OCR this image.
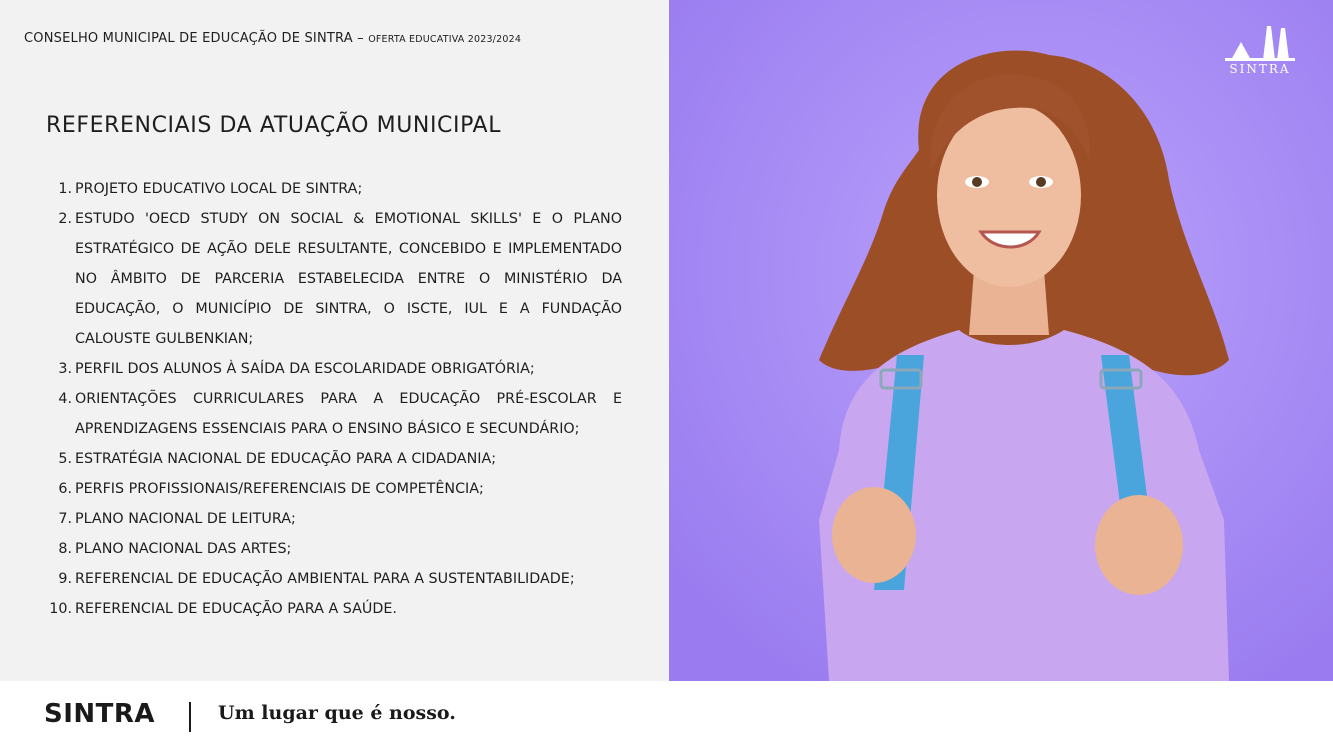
CONSELHO MUNICIPAL DE EDUCAÇÃO DE SINTRA – OFERTA EDUCATIVA 2023/2024
REFERENCIAIS DA ATUAÇÃO MUNICIPAL
1. PROJETO EDUCATIVO LOCAL DE SINTRA;
2. ESTUDO 'OECD STUDY ON SOCIAL & EMOTIONAL SKILLS' E O PLANO ESTRATÉGICO DE AÇÃO DELE RESULTANTE, CONCEBIDO E IMPLEMENTADO NO ÂMBITO DE PARCERIA ESTABELECIDA ENTRE O MINISTÉRIO DA EDUCAÇÃO, O MUNICÍPIO DE SINTRA, O ISCTE, IUL E A FUNDAÇÃO CALOUSTE GULBENKIAN;
3. PERFIL DOS ALUNOS À SAÍDA DA ESCOLARIDADE OBRIGATÓRIA;
4. ORIENTAÇÕES CURRICULARES PARA A EDUCAÇÃO PRÉ-ESCOLAR E APRENDIZAGENS ESSENCIAIS PARA O ENSINO BÁSICO E SECUNDÁRIO;
5. ESTRATÉGIA NACIONAL DE EDUCAÇÃO PARA A CIDADANIA;
6. PERFIS PROFISSIONAIS/REFERENCIAIS DE COMPETÊNCIA;
7. PLANO NACIONAL DE LEITURA;
8. PLANO NACIONAL DAS ARTES;
9. REFERENCIAL DE EDUCAÇÃO AMBIENTAL PARA A SUSTENTABILIDADE;
10. REFERENCIAL DE EDUCAÇÃO PARA A SAÚDE.
SINTRA
SINTRA	Um lugar que é nosso.
